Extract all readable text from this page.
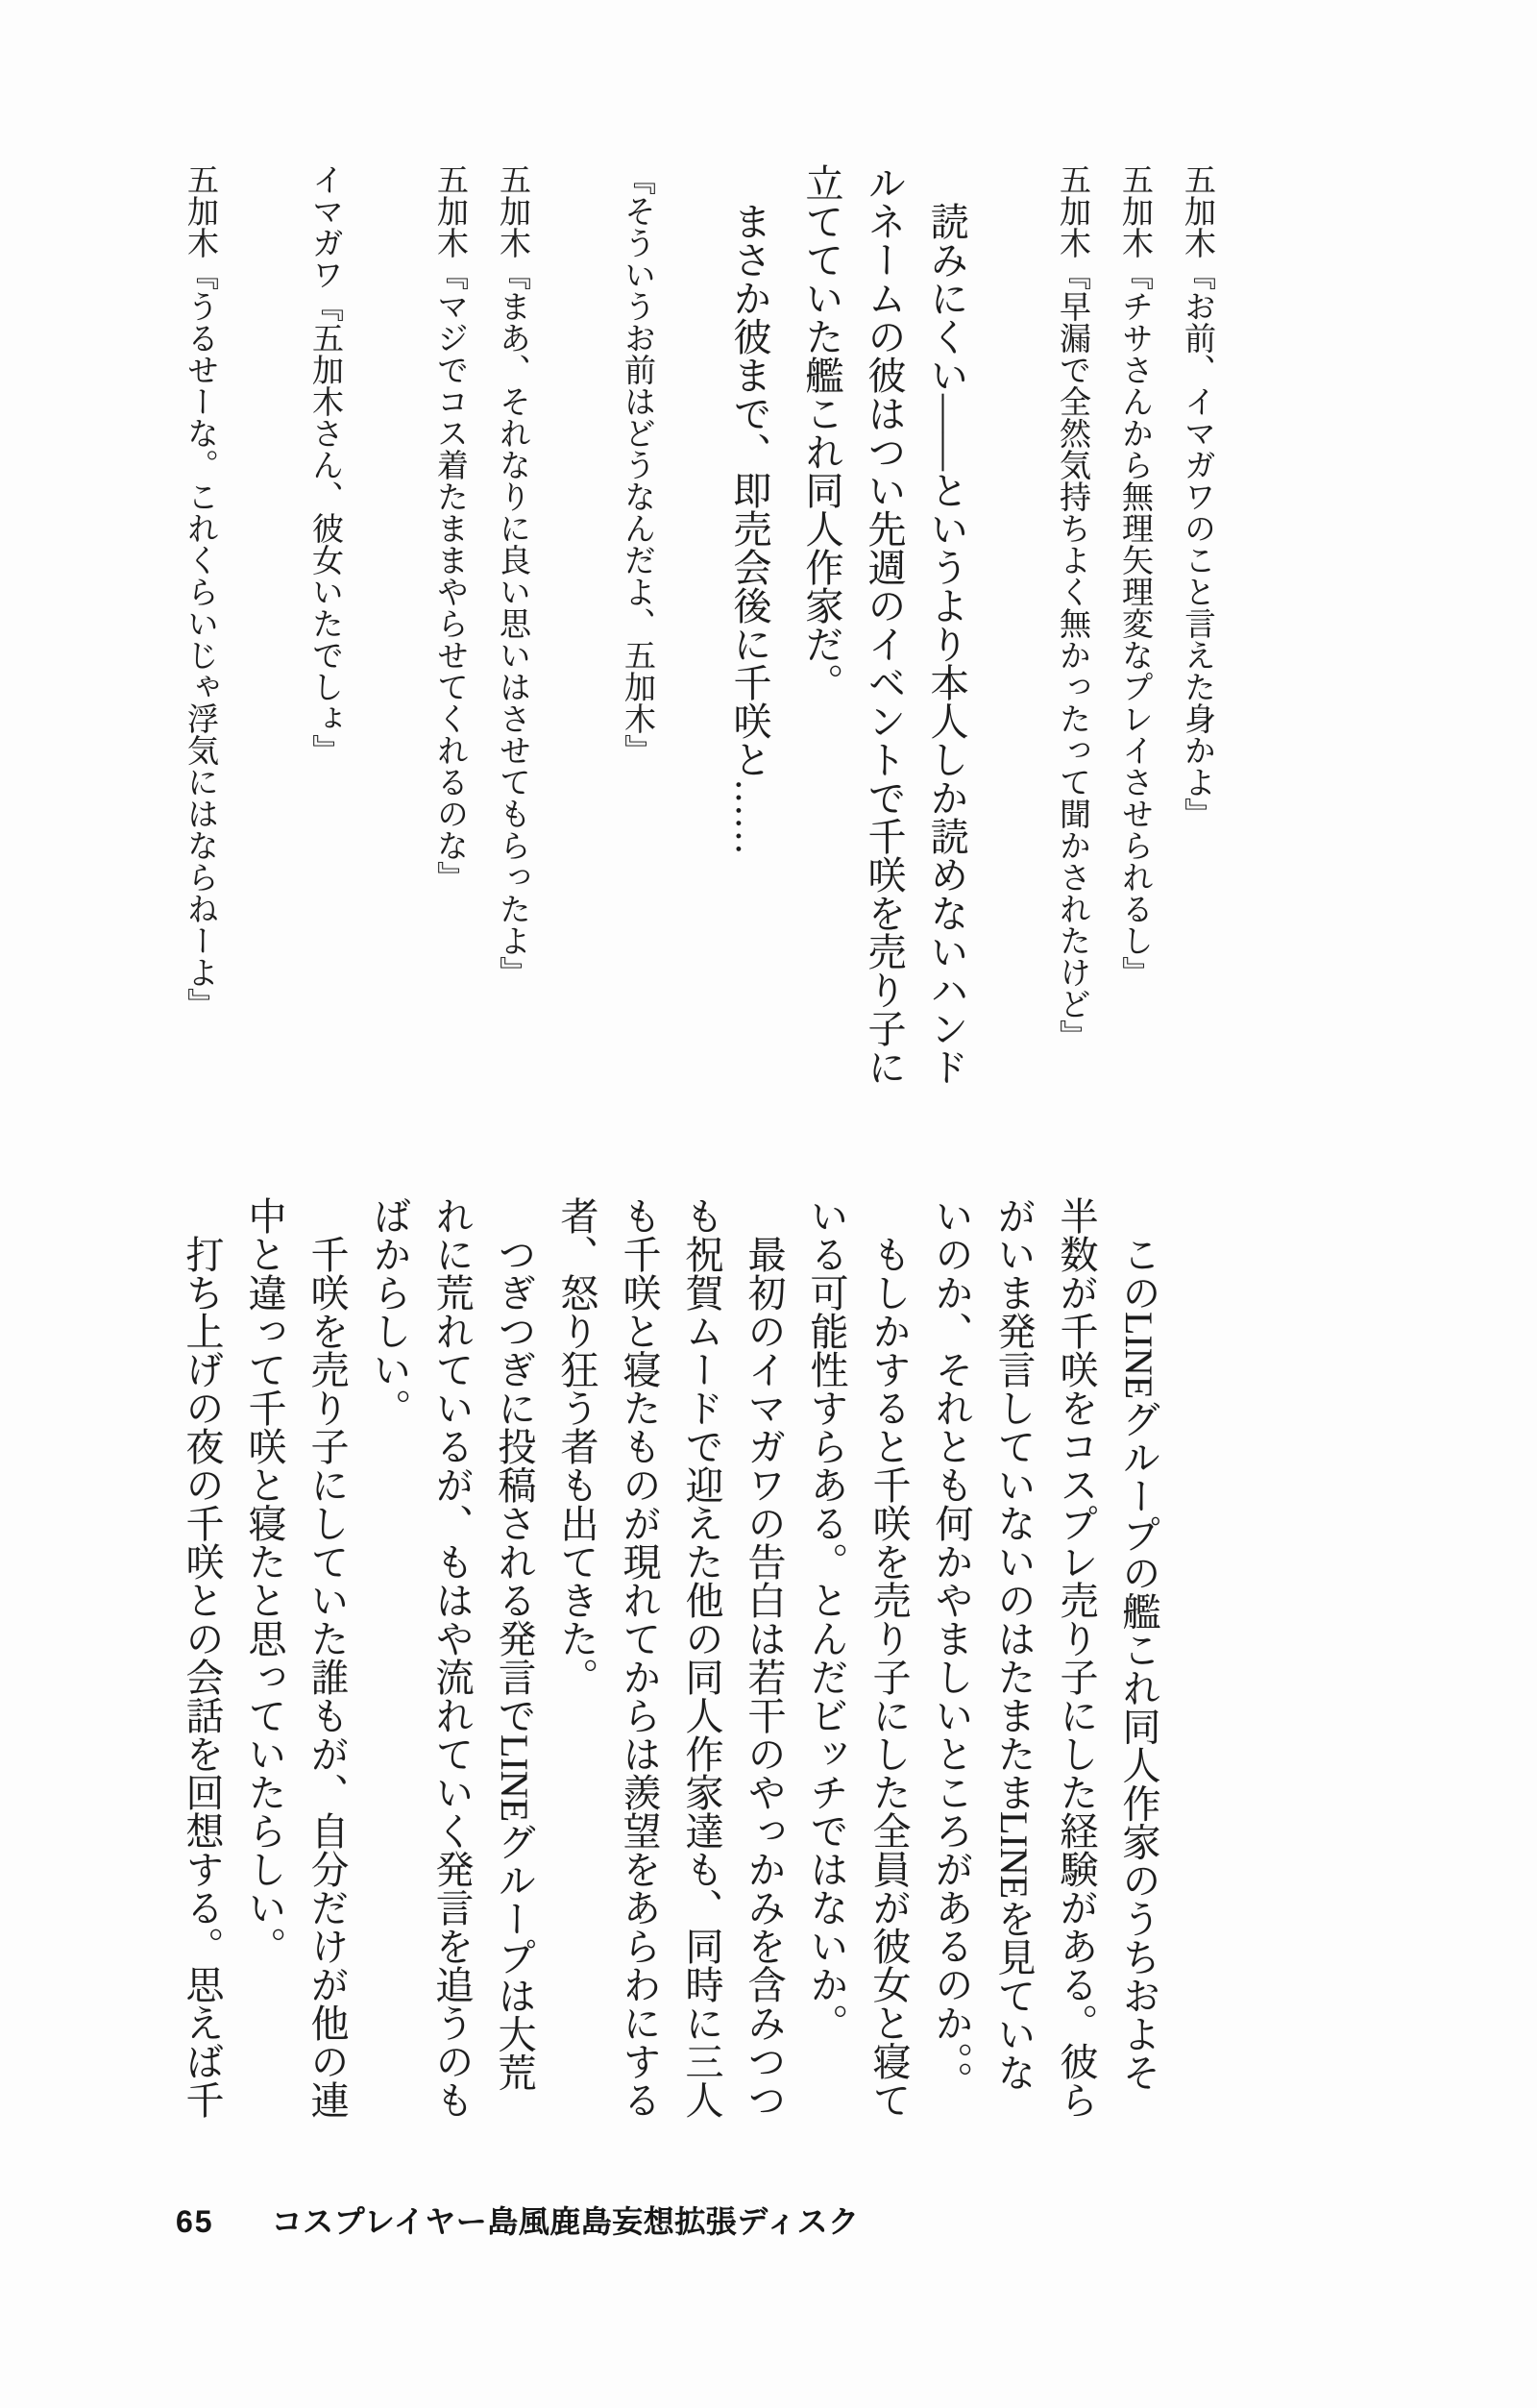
五加木『お前、イマガワのこと言えた身かよ』

五加木『チサさんから無理矢理変なプレイさせられるし』

五加木『早漏で全然気持ちよく無かったって聞かされたけど』

　読みにくい――というより本人しか読めないハンド

ルネームの彼はつい先週のイベントで千咲を売り子に

立てていた艦これ同人作家だ。

　まさか彼まで、即売会後に千咲と……

『そういうお前はどうなんだよ、五加木』

五加木『まあ、それなりに良い思いはさせてもらったよ』

五加木『マジでコス着たままやらせてくれるのな』

イマガワ『五加木さん、彼女いたでしょ』

五加木『うるせーな。これくらいじゃ浮気にはならねーよ』

　このLINEグループの艦これ同人作家のうちおよそ

半数が千咲をコスプレ売り子にした経験がある。彼ら

がいま発言していないのはたまたまLINEを見ていな

いのか、それとも何かやましいところがあるのか。。

　もしかすると千咲を売り子にした全員が彼女と寝て

いる可能性すらある。とんだビッチではないか。

　最初のイマガワの告白は若干のやっかみを含みつつ

も祝賀ムードで迎えた他の同人作家達も、同時に三人

も千咲と寝たものが現れてからは羨望をあらわにする

者、怒り狂う者も出てきた。

　つぎつぎに投稿される発言でLINEグループは大荒

れに荒れているが、もはや流れていく発言を追うのも

ばからしい。

　千咲を売り子にしていた誰もが、自分だけが他の連

中と違って千咲と寝たと思っていたらしい。

　打ち上げの夜の千咲との会話を回想する。思えば千

65 コスプレイヤー島風鹿島妄想拡張ディスク
